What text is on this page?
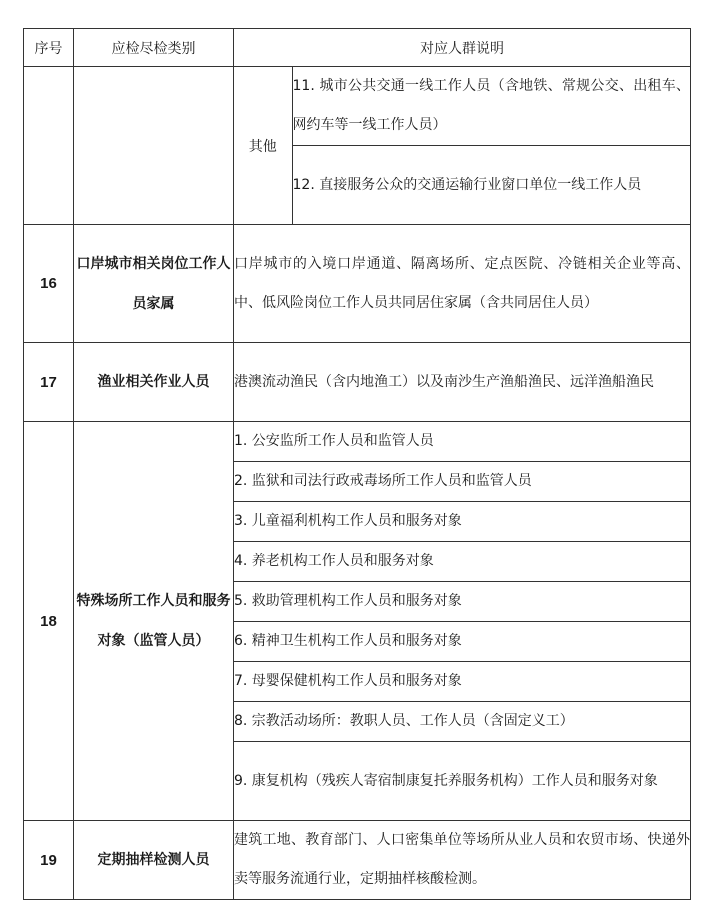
序号	应检尽检类别	对应人群说明

其他	11. 城市公共交通一线工作人员（含地铁、常规公交、出租车、网约车等一线工作人员）
12. 直接服务公众的交通运输行业窗口单位一线工作人员

16	口岸城市相关岗位工作人员家属	口岸城市的入境口岸通道、隔离场所、定点医院、冷链相关企业等高、中、低风险岗位工作人员共同居住家属（含共同居住人员）
17	渔业相关作业人员	港澳流动渔民（含内地渔工）以及南沙生产渔船渔民、远洋渔船渔民
18	特殊场所工作人员和服务对象（监管人员）	
1. 公安监所工作人员和监管人员
2. 监狱和司法行政戒毒场所工作人员和监管人员
3. 儿童福利机构工作人员和服务对象
4. 养老机构工作人员和服务对象
5. 救助管理机构工作人员和服务对象
6. 精神卫生机构工作人员和服务对象
7. 母婴保健机构工作人员和服务对象
8. 宗教活动场所：教职人员、工作人员（含固定义工）
9. 康复机构（残疾人寄宿制康复托养服务机构）工作人员和服务对象

19	定期抽样检测人员	建筑工地、教育部门、人口密集单位等场所从业人员和农贸市场、快递外卖等服务流通行业，定期抽样核酸检测。
